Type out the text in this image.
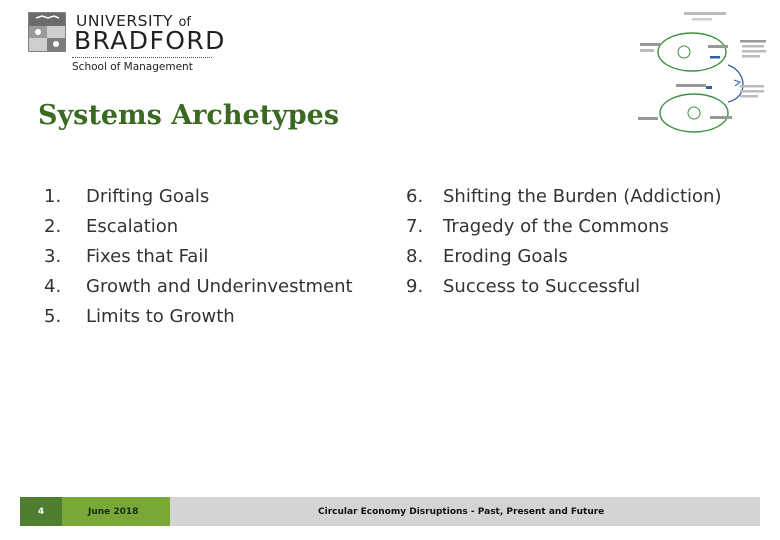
UNIVERSITY of
BRADFORD
School of Management
Systems Archetypes
1.	Drifting Goals
2.	Escalation
3.	Fixes that Fail
4.	Growth and Underinvestment
5.	Limits to Growth
6.	Shifting the Burden (Addiction)
7.	Tragedy of the Commons
8.	Eroding Goals
9.	Success to Successful
4	June 2018	Circular Economy Disruptions - Past, Present and Future
